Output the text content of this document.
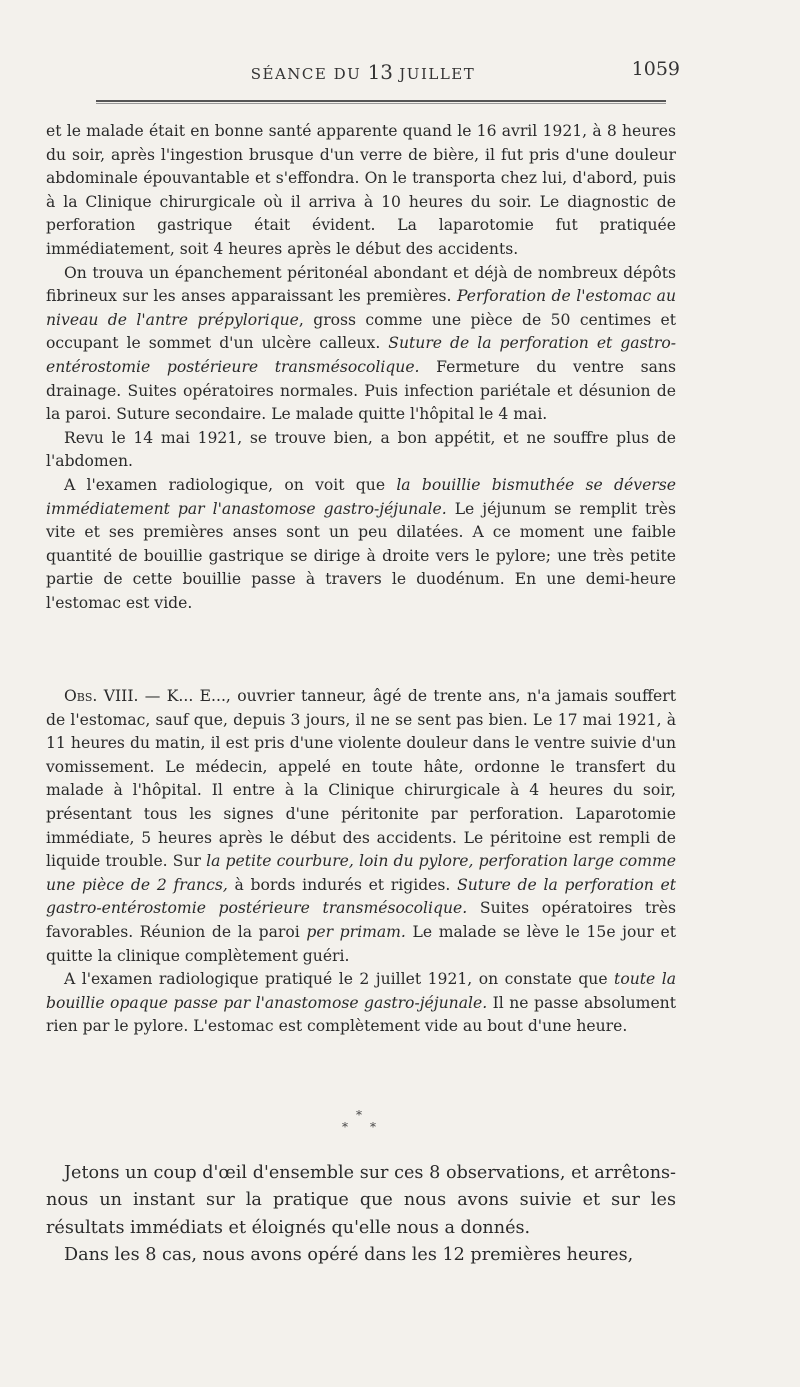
SÉANCE DU 13 JUILLET	1059

et le malade était en bonne santé apparente quand le 16 avril 1921, à 8 heures du soir, après l'ingestion brusque d'un verre de bière, il fut pris d'une douleur abdominale épouvantable et s'effondra. On le transporta chez lui, d'abord, puis à la Clinique chirurgicale où il arriva à 10 heures du soir. Le diagnostic de perforation gastrique était évident. La laparotomie fut pratiquée immédiatement, soit 4 heures après le début des accidents.

On trouva un épanchement péritonéal abondant et déjà de nombreux dépôts fibrineux sur les anses apparaissant les premières. Perforation de l'estomac au niveau de l'antre prépylorique, gross comme une pièce de 50 centimes et occupant le sommet d'un ulcère calleux. Suture de la perforation et gastro-entérostomie postérieure transmésocolique. Fermeture du ventre sans drainage. Suites opératoires normales. Puis infection pariétale et désunion de la paroi. Suture secondaire. Le malade quitte l'hôpital le 4 mai.

Revu le 14 mai 1921, se trouve bien, a bon appétit, et ne souffre plus de l'abdomen.

A l'examen radiologique, on voit que la bouillie bismuthée se déverse immédiatement par l'anastomose gastro-jéjunale. Le jéjunum se remplit très vite et ses premières anses sont un peu dilatées. A ce moment une faible quantité de bouillie gastrique se dirige à droite vers le pylore; une très petite partie de cette bouillie passe à travers le duodénum. En une demi-heure l'estomac est vide.

Obs. VIII. — K... E..., ouvrier tanneur, âgé de trente ans, n'a jamais souffert de l'estomac, sauf que, depuis 3 jours, il ne se sent pas bien. Le 17 mai 1921, à 11 heures du matin, il est pris d'une violente douleur dans le ventre suivie d'un vomissement. Le médecin, appelé en toute hâte, ordonne le transfert du malade à l'hôpital. Il entre à la Clinique chirurgicale à 4 heures du soir, présentant tous les signes d'une péritonite par perforation. Laparotomie immédiate, 5 heures après le début des accidents. Le péritoine est rempli de liquide trouble. Sur la petite courbure, loin du pylore, perforation large comme une pièce de 2 francs, à bords indurés et rigides. Suture de la perforation et gastro-entérostomie postérieure transmésocolique. Suites opératoires très favorables. Réunion de la paroi per primam. Le malade se lève le 15e jour et quitte la clinique complètement guéri.

A l'examen radiologique pratiqué le 2 juillet 1921, on constate que toute la bouillie opaque passe par l'anastomose gastro-jéjunale. Il ne passe absolument rien par le pylore. L'estomac est complètement vide au bout d'une heure.

*
* *

Jetons un coup d'œil d'ensemble sur ces 8 observations, et arrêtons-nous un instant sur la pratique que nous avons suivie et sur les résultats immédiats et éloignés qu'elle nous a donnés.

Dans les 8 cas, nous avons opéré dans les 12 premières heures,
